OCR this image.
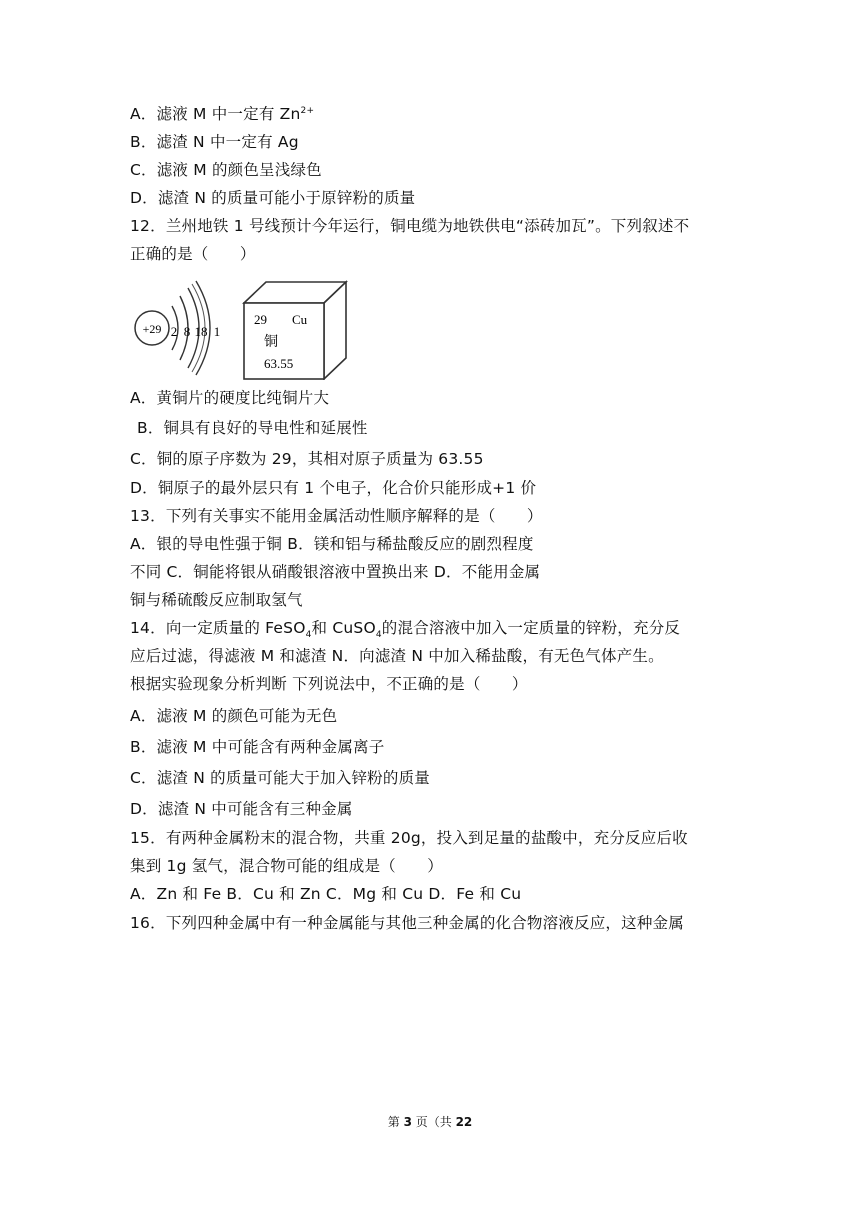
A．滤液 M 中一定有 $Zn^{2+}$
B．滤渣 N 中一定有 Ag
C．滤液 M 的颜色呈浅绿色
D．滤渣 N 的质量可能小于原锌粉的质量
12．兰州地铁 1 号线预计今年运行，铜电缆为地铁供电“添砖加瓦”。下列叙述不
正确的是（　　）
+29 2 8 18 1
29 Cu
铜
63.55
A．黄铜片的硬度比纯铜片大
B．铜具有良好的导电性和延展性
C．铜的原子序数为 29，其相对原子质量为 63.55
D．铜原子的最外层只有 1 个电子，化合价只能形成+1 价
13．下列有关事实不能用金属活动性顺序解释的是（　　）
A．银的导电性强于铜 B．镁和铝与稀盐酸反应的剧烈程度
不同 C．铜能将银从硝酸银溶液中置换出来 D．不能用金属
铜与稀硫酸反应制取氢气
14．向一定质量的 FeSO$_4$和 CuSO$_4$的混合溶液中加入一定质量的锌粉，充分反
应后过滤，得滤液 M 和滤渣 N．向滤渣 N 中加入稀盐酸，有无色气体产生。
根据实验现象分析判断 下列说法中，不正确的是（　　）
A．滤液 M 的颜色可能为无色
B．滤液 M 中可能含有两种金属离子
C．滤渣 N 的质量可能大于加入锌粉的质量
D．滤渣 N 中可能含有三种金属
15．有两种金属粉末的混合物，共重 20g，投入到足量的盐酸中，充分反应后收
集到 1g 氢气，混合物可能的组成是（　　）
A．Zn 和 Fe B．Cu 和 Zn C．Mg 和 Cu D．Fe 和 Cu
16．下列四种金属中有一种金属能与其他三种金属的化合物溶液反应，这种金属
第 3 页（共 22
